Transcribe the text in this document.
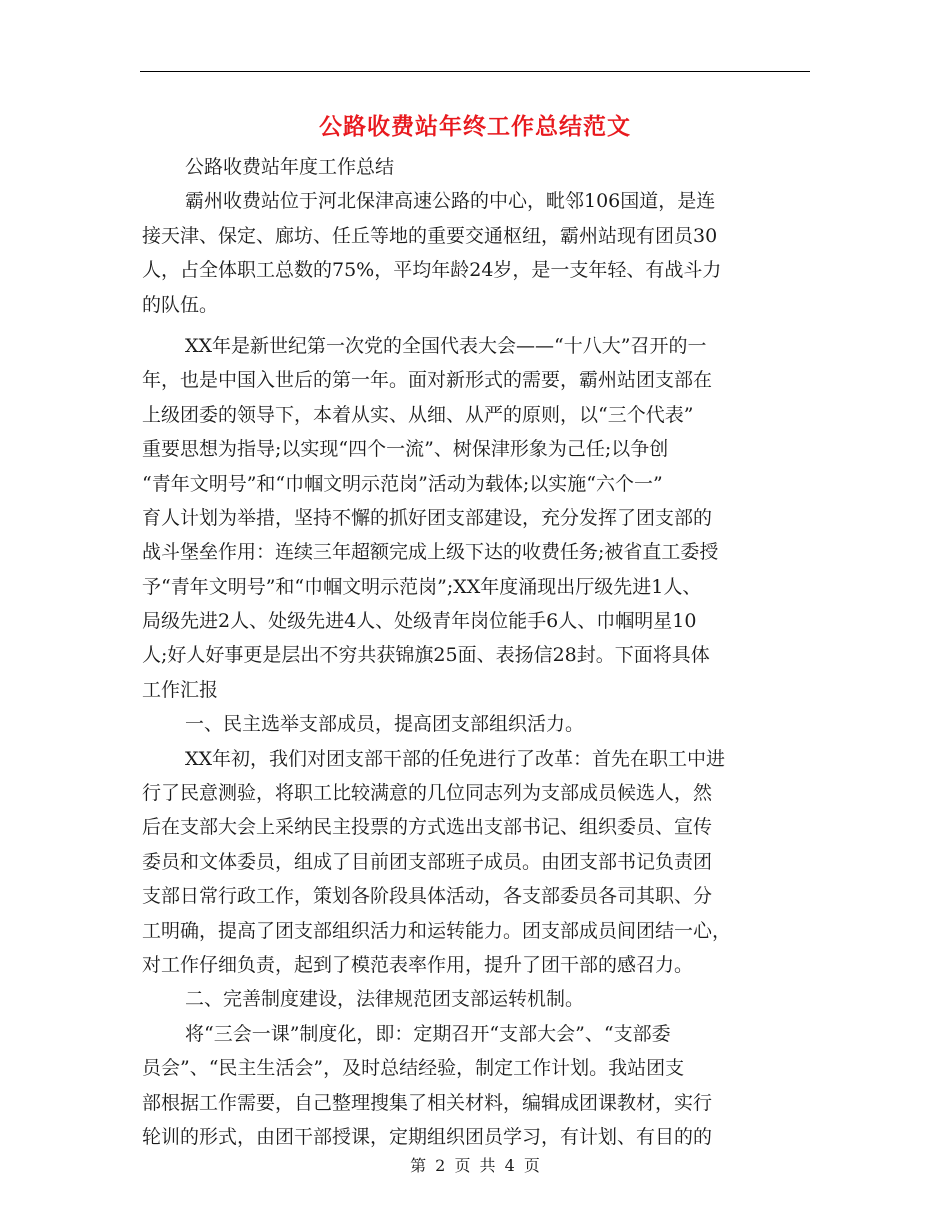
公路收费站年终工作总结范文
公路收费站年度工作总结
霸州收费站位于河北保津高速公路的中心，毗邻106国道，是连
接天津、保定、廊坊、任丘等地的重要交通枢纽，霸州站现有团员30
人，占全体职工总数的75%，平均年龄24岁，是一支年轻、有战斗力
的队伍。
XX年是新世纪第一次党的全国代表大会——“十八大”召开的一
年，也是中国入世后的第一年。面对新形式的需要，霸州站团支部在
上级团委的领导下，本着从实、从细、从严的原则，以“三个代表”
重要思想为指导;以实现“四个一流”、树保津形象为己任;以争创
“青年文明号”和“巾帼文明示范岗”活动为载体;以实施“六个一”
育人计划为举措，坚持不懈的抓好团支部建设，充分发挥了团支部的
战斗堡垒作用：连续三年超额完成上级下达的收费任务;被省直工委授
予“青年文明号”和“巾帼文明示范岗”;XX年度涌现出厅级先进1人、
局级先进2人、处级先进4人、处级青年岗位能手6人、巾帼明星10
人;好人好事更是层出不穷共获锦旗25面、表扬信28封。下面将具体
工作汇报
一、民主选举支部成员，提高团支部组织活力。
XX年初，我们对团支部干部的任免进行了改革：首先在职工中进
行了民意测验，将职工比较满意的几位同志列为支部成员候选人，然
后在支部大会上采纳民主投票的方式选出支部书记、组织委员、宣传
委员和文体委员，组成了目前团支部班子成员。由团支部书记负责团
支部日常行政工作，策划各阶段具体活动，各支部委员各司其职、分
工明确，提高了团支部组织活力和运转能力。团支部成员间团结一心，
对工作仔细负责，起到了模范表率作用，提升了团干部的感召力。
二、完善制度建设，法律规范团支部运转机制。
将“三会一课”制度化，即：定期召开“支部大会”、“支部委
员会”、“民主生活会”，及时总结经验，制定工作计划。我站团支
部根据工作需要，自己整理搜集了相关材料，编辑成团课教材，实行
轮训的形式，由团干部授课，定期组织团员学习，有计划、有目的的
第 2 页 共 4 页
